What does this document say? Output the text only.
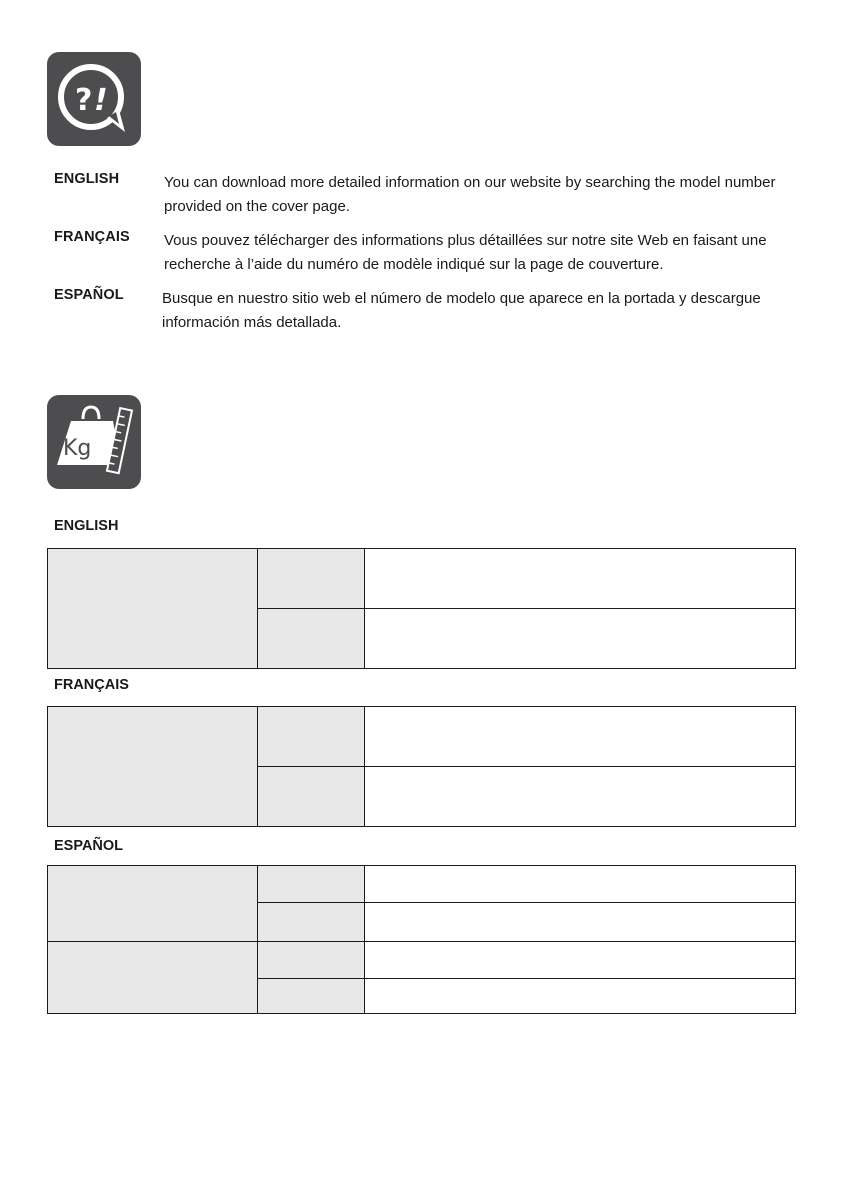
? !
ENGLISH	You can download more detailed information on our website by searching the model number provided on the cover page.
FRANÇAIS Vous pouvez télécharger des informations plus détaillées sur notre site Web en faisant une recherche à l’aide du numéro de modèle indiqué sur la page de couverture.
ESPAÑOL	Busque en nuestro sitio web el número de modelo que aparece en la portada y descargue información más detallada.
Kg
ENGLISH

FRANÇAIS

ESPAÑOL
